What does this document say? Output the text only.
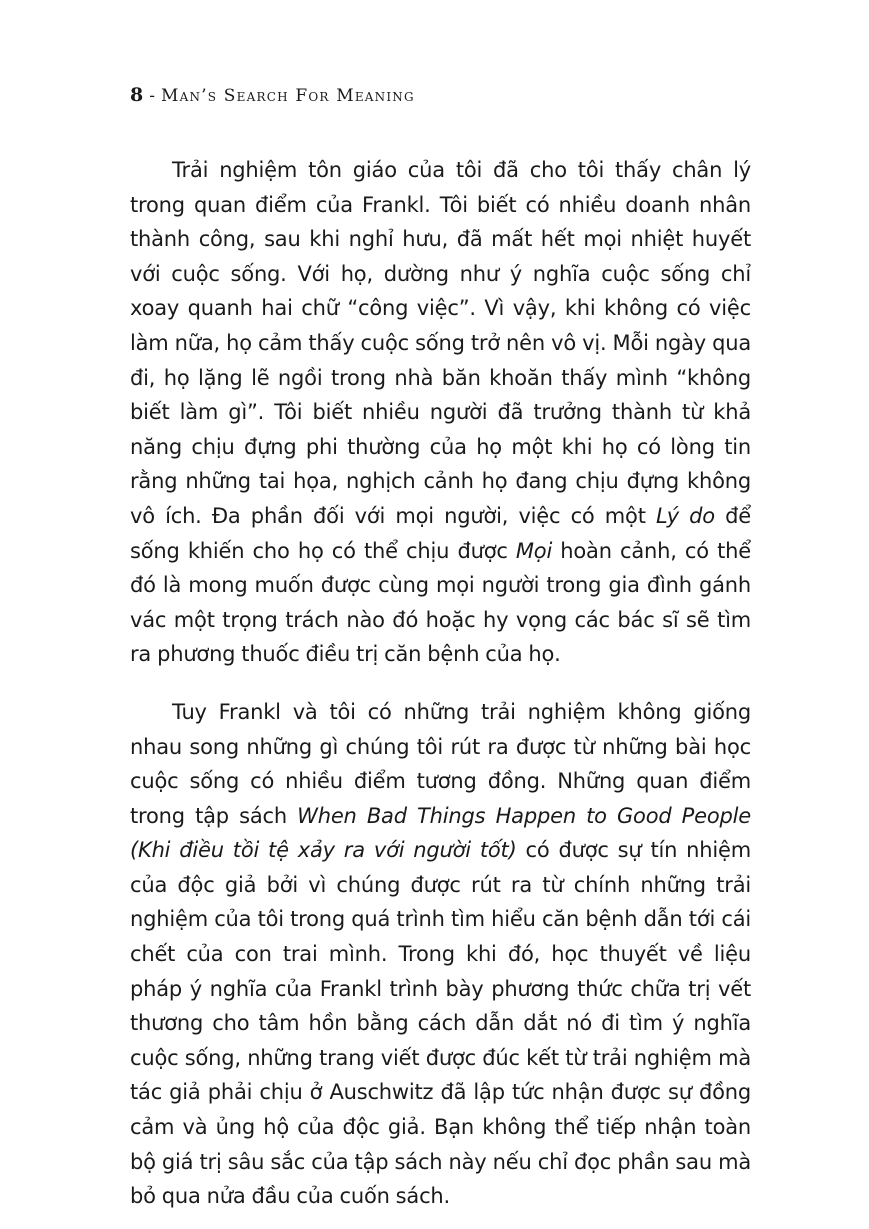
8 - Man’s Search For Meaning

Trải nghiệm tôn giáo của tôi đã cho tôi thấy chân lý trong quan điểm của Frankl. Tôi biết có nhiều doanh nhân thành công, sau khi nghỉ hưu, đã mất hết mọi nhiệt huyết với cuộc sống. Với họ, dường như ý nghĩa cuộc sống chỉ xoay quanh hai chữ “công việc”. Vì vậy, khi không có việc làm nữa, họ cảm thấy cuộc sống trở nên vô vị. Mỗi ngày qua đi, họ lặng lẽ ngồi trong nhà băn khoăn thấy mình “không biết làm gì”. Tôi biết nhiều người đã trưởng thành từ khả năng chịu đựng phi thường của họ một khi họ có lòng tin rằng những tai họa, nghịch cảnh họ đang chịu đựng không vô ích. Đa phần đối với mọi người, việc có một Lý do để sống khiến cho họ có thể chịu được Mọi hoàn cảnh, có thể đó là mong muốn được cùng mọi người trong gia đình gánh vác một trọng trách nào đó hoặc hy vọng các bác sĩ sẽ tìm ra phương thuốc điều trị căn bệnh của họ.

Tuy Frankl và tôi có những trải nghiệm không giống nhau song những gì chúng tôi rút ra được từ những bài học cuộc sống có nhiều điểm tương đồng. Những quan điểm trong tập sách When Bad Things Happen to Good People (Khi điều tồi tệ xảy ra với người tốt) có được sự tín nhiệm của độc giả bởi vì chúng được rút ra từ chính những trải nghiệm của tôi trong quá trình tìm hiểu căn bệnh dẫn tới cái chết của con trai mình. Trong khi đó, học thuyết về liệu pháp ý nghĩa của Frankl trình bày phương thức chữa trị vết thương cho tâm hồn bằng cách dẫn dắt nó đi tìm ý nghĩa cuộc sống, những trang viết được đúc kết từ trải nghiệm mà tác giả phải chịu ở Auschwitz đã lập tức nhận được sự đồng cảm và ủng hộ của độc giả. Bạn không thể tiếp nhận toàn bộ giá trị sâu sắc của tập sách này nếu chỉ đọc phần sau mà bỏ qua nửa đầu của cuốn sách.
